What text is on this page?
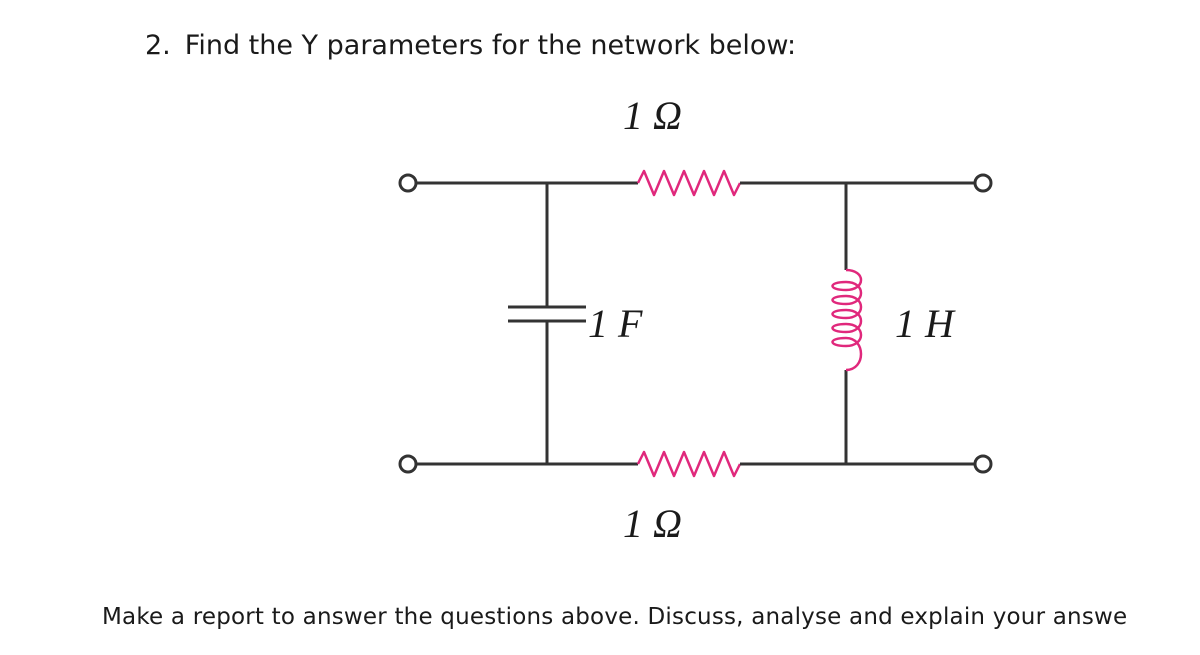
2. Find the Y parameters for the network below:
1 Ω
1 Ω
1 F	1 H
Make a report to answer the questions above. Discuss, analyse and explain your answe
